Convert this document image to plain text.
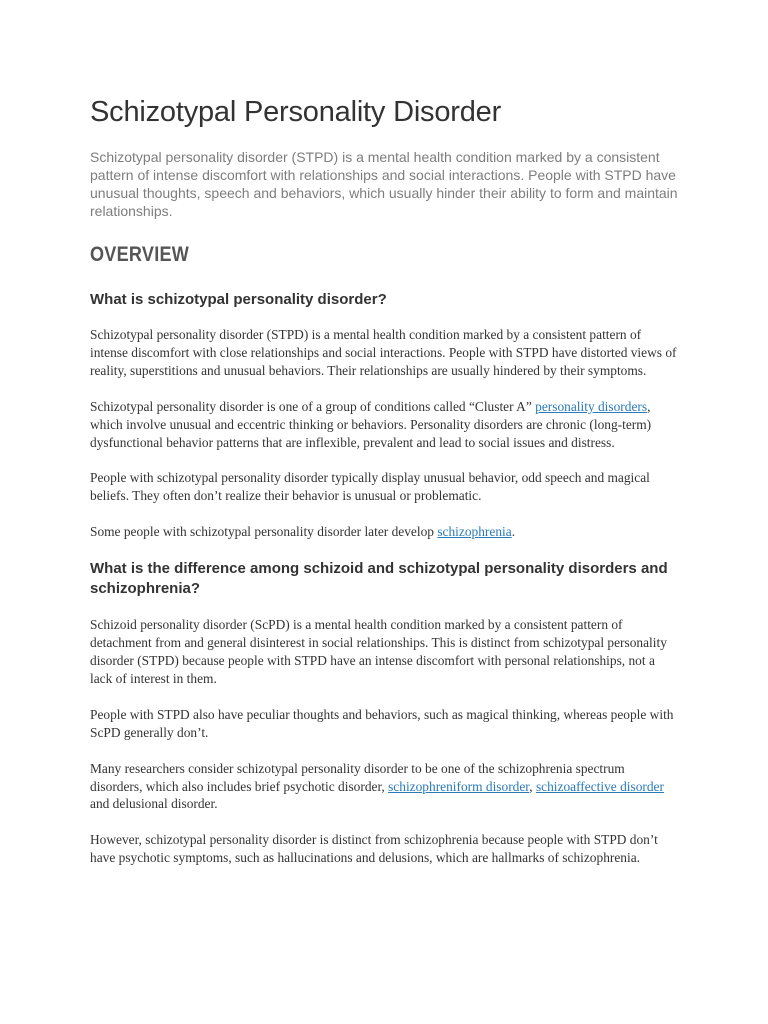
Schizotypal Personality Disorder

Schizotypal personality disorder (STPD) is a mental health condition marked by a consistent pattern of intense discomfort with relationships and social interactions. People with STPD have unusual thoughts, speech and behaviors, which usually hinder their ability to form and maintain relationships.

OVERVIEW
What is schizotypal personality disorder?

Schizotypal personality disorder (STPD) is a mental health condition marked by a consistent pattern of intense discomfort with close relationships and social interactions. People with STPD have distorted views of reality, superstitions and unusual behaviors. Their relationships are usually hindered by their symptoms.

Schizotypal personality disorder is one of a group of conditions called “Cluster A” personality disorders, which involve unusual and eccentric thinking or behaviors. Personality disorders are chronic (long-term) dysfunctional behavior patterns that are inflexible, prevalent and lead to social issues and distress.

People with schizotypal personality disorder typically display unusual behavior, odd speech and magical beliefs. They often don’t realize their behavior is unusual or problematic.

Some people with schizotypal personality disorder later develop schizophrenia.

What is the difference among schizoid and schizotypal personality disorders and schizophrenia?

Schizoid personality disorder (ScPD) is a mental health condition marked by a consistent pattern of detachment from and general disinterest in social relationships. This is distinct from schizotypal personality disorder (STPD) because people with STPD have an intense discomfort with personal relationships, not a lack of interest in them.

People with STPD also have peculiar thoughts and behaviors, such as magical thinking, whereas people with ScPD generally don’t.

Many researchers consider schizotypal personality disorder to be one of the schizophrenia spectrum disorders, which also includes brief psychotic disorder, schizophreniform disorder, schizoaffective disorder and delusional disorder.

However, schizotypal personality disorder is distinct from schizophrenia because people with STPD don’t have psychotic symptoms, such as hallucinations and delusions, which are hallmarks of schizophrenia.
